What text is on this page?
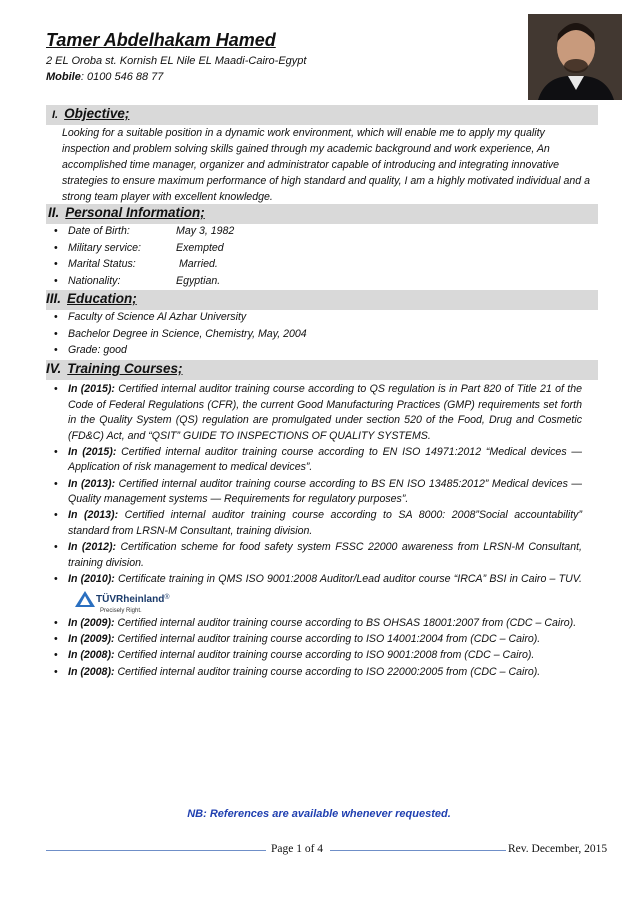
Tamer Abdelhakam Hamed
2 EL Oroba st. Kornish EL Nile EL Maadi-Cairo-Egypt
Mobile: 0100 546 88 77
I. Objective;
Looking for a suitable position in a dynamic work environment, which will enable me to apply my quality inspection and problem solving skills gained through my academic background and work experience, An accomplished time manager, organizer and administrator capable of introducing and integrating innovative strategies to ensure maximum performance of high standard and quality, I am a highly motivated individual and a strong team player with excellent knowledge.
II. Personal Information;
• Date of Birth:	May 3, 1982
• Military service:	Exempted
• Marital Status:	Married.
• Nationality:	Egyptian.
III. Education;
• Faculty of Science Al Azhar University
• Bachelor Degree in Science, Chemistry, May, 2004
• Grade: good
IV. Training Courses;
• In (2015): Certified internal auditor training course according to QS regulation is in Part 820 of Title 21 of the Code of Federal Regulations (CFR), the current Good Manufacturing Practices (GMP) requirements set forth in the Quality System (QS) regulation are promulgated under section 520 of the Food, Drug and Cosmetic (FD&C) Act, and “QSIT” GUIDE TO INSPECTIONS OF QUALITY SYSTEMS.
• In (2015): Certified internal auditor training course according to EN ISO 14971:2012 “Medical devices — Application of risk management to medical devices”.
• In (2013): Certified internal auditor training course according to BS EN ISO 13485:2012” Medical devices — Quality management systems — Requirements for regulatory purposes”.
• In (2013): Certified internal auditor training course according to SA 8000: 2008”Social accountability” standard from LRSN-M Consultant, training division.
• In (2012): Certification scheme for food safety system FSSC 22000 awareness from LRSN-M Consultant, training division.
• In (2010): Certificate training in QMS ISO 9001:2008 Auditor/Lead auditor course “IRCA” BSI in Cairo – TUV.TÜVRheinland®
Precisely Right.
• In (2009): Certified internal auditor training course according to BS OHSAS 18001:2007 from (CDC – Cairo).
• In (2009): Certified internal auditor training course according to ISO 14001:2004 from (CDC – Cairo).
• In (2008): Certified internal auditor training course according to ISO 9001:2008 from (CDC – Cairo).
• In (2008): Certified internal auditor training course according to ISO 22000:2005 from (CDC – Cairo).
NB: References are available whenever requested.
Page 1 of 4	Rev. December, 2015
